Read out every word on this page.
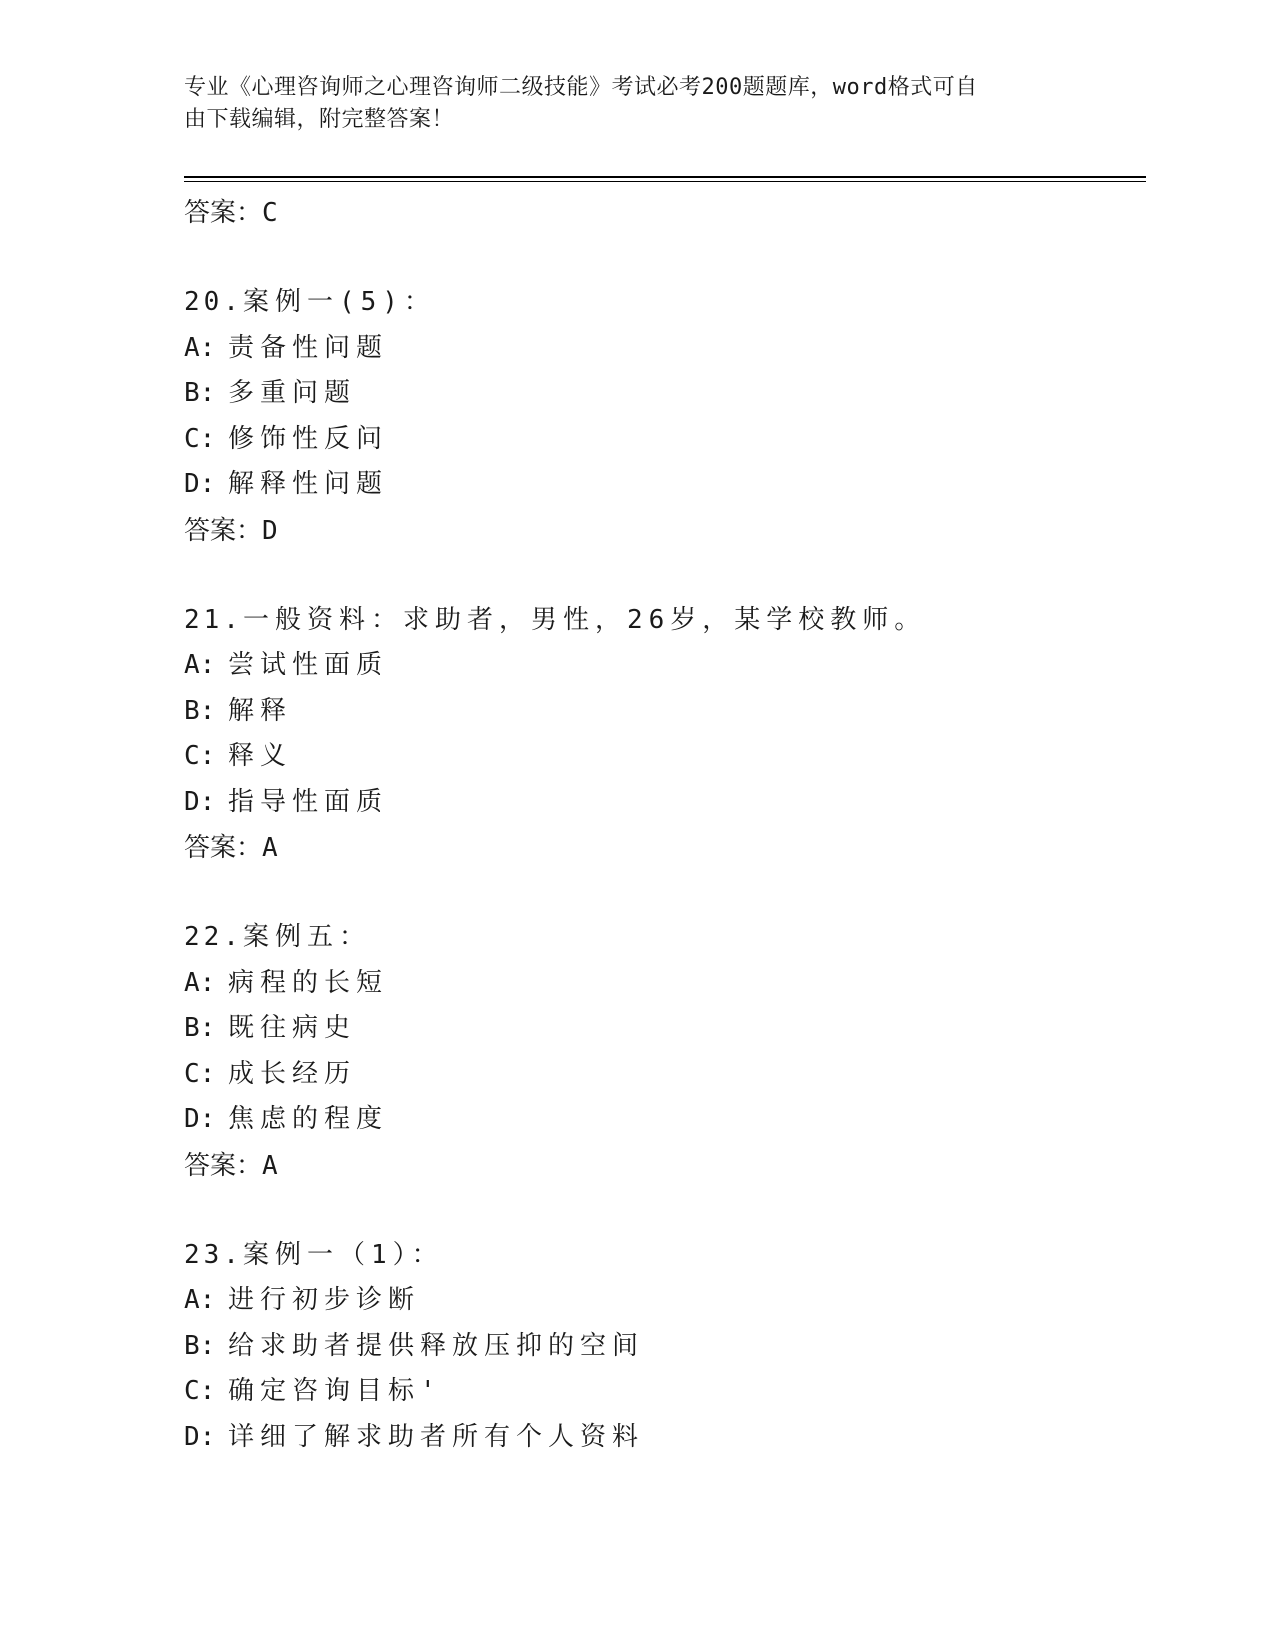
专业《心理咨询师之心理咨询师二级技能》考试必考200题题库，word格式可自
由下载编辑，附完整答案！
答案：C
20.案例一(5)：
A: 责备性问题
B: 多重问题
C: 修饰性反问
D: 解释性问题
答案：D
21.一般资料：求助者，男性，26岁，某学校教师。
A: 尝试性面质
B: 解释
C: 释义
D: 指导性面质
答案：A
22.案例五：
A: 病程的长短
B: 既往病史
C: 成长经历
D: 焦虑的程度
答案：A
23.案例一（1）：
A: 进行初步诊断
B: 给求助者提供释放压抑的空间
C: 确定咨询目标'
D: 详细了解求助者所有个人资料
